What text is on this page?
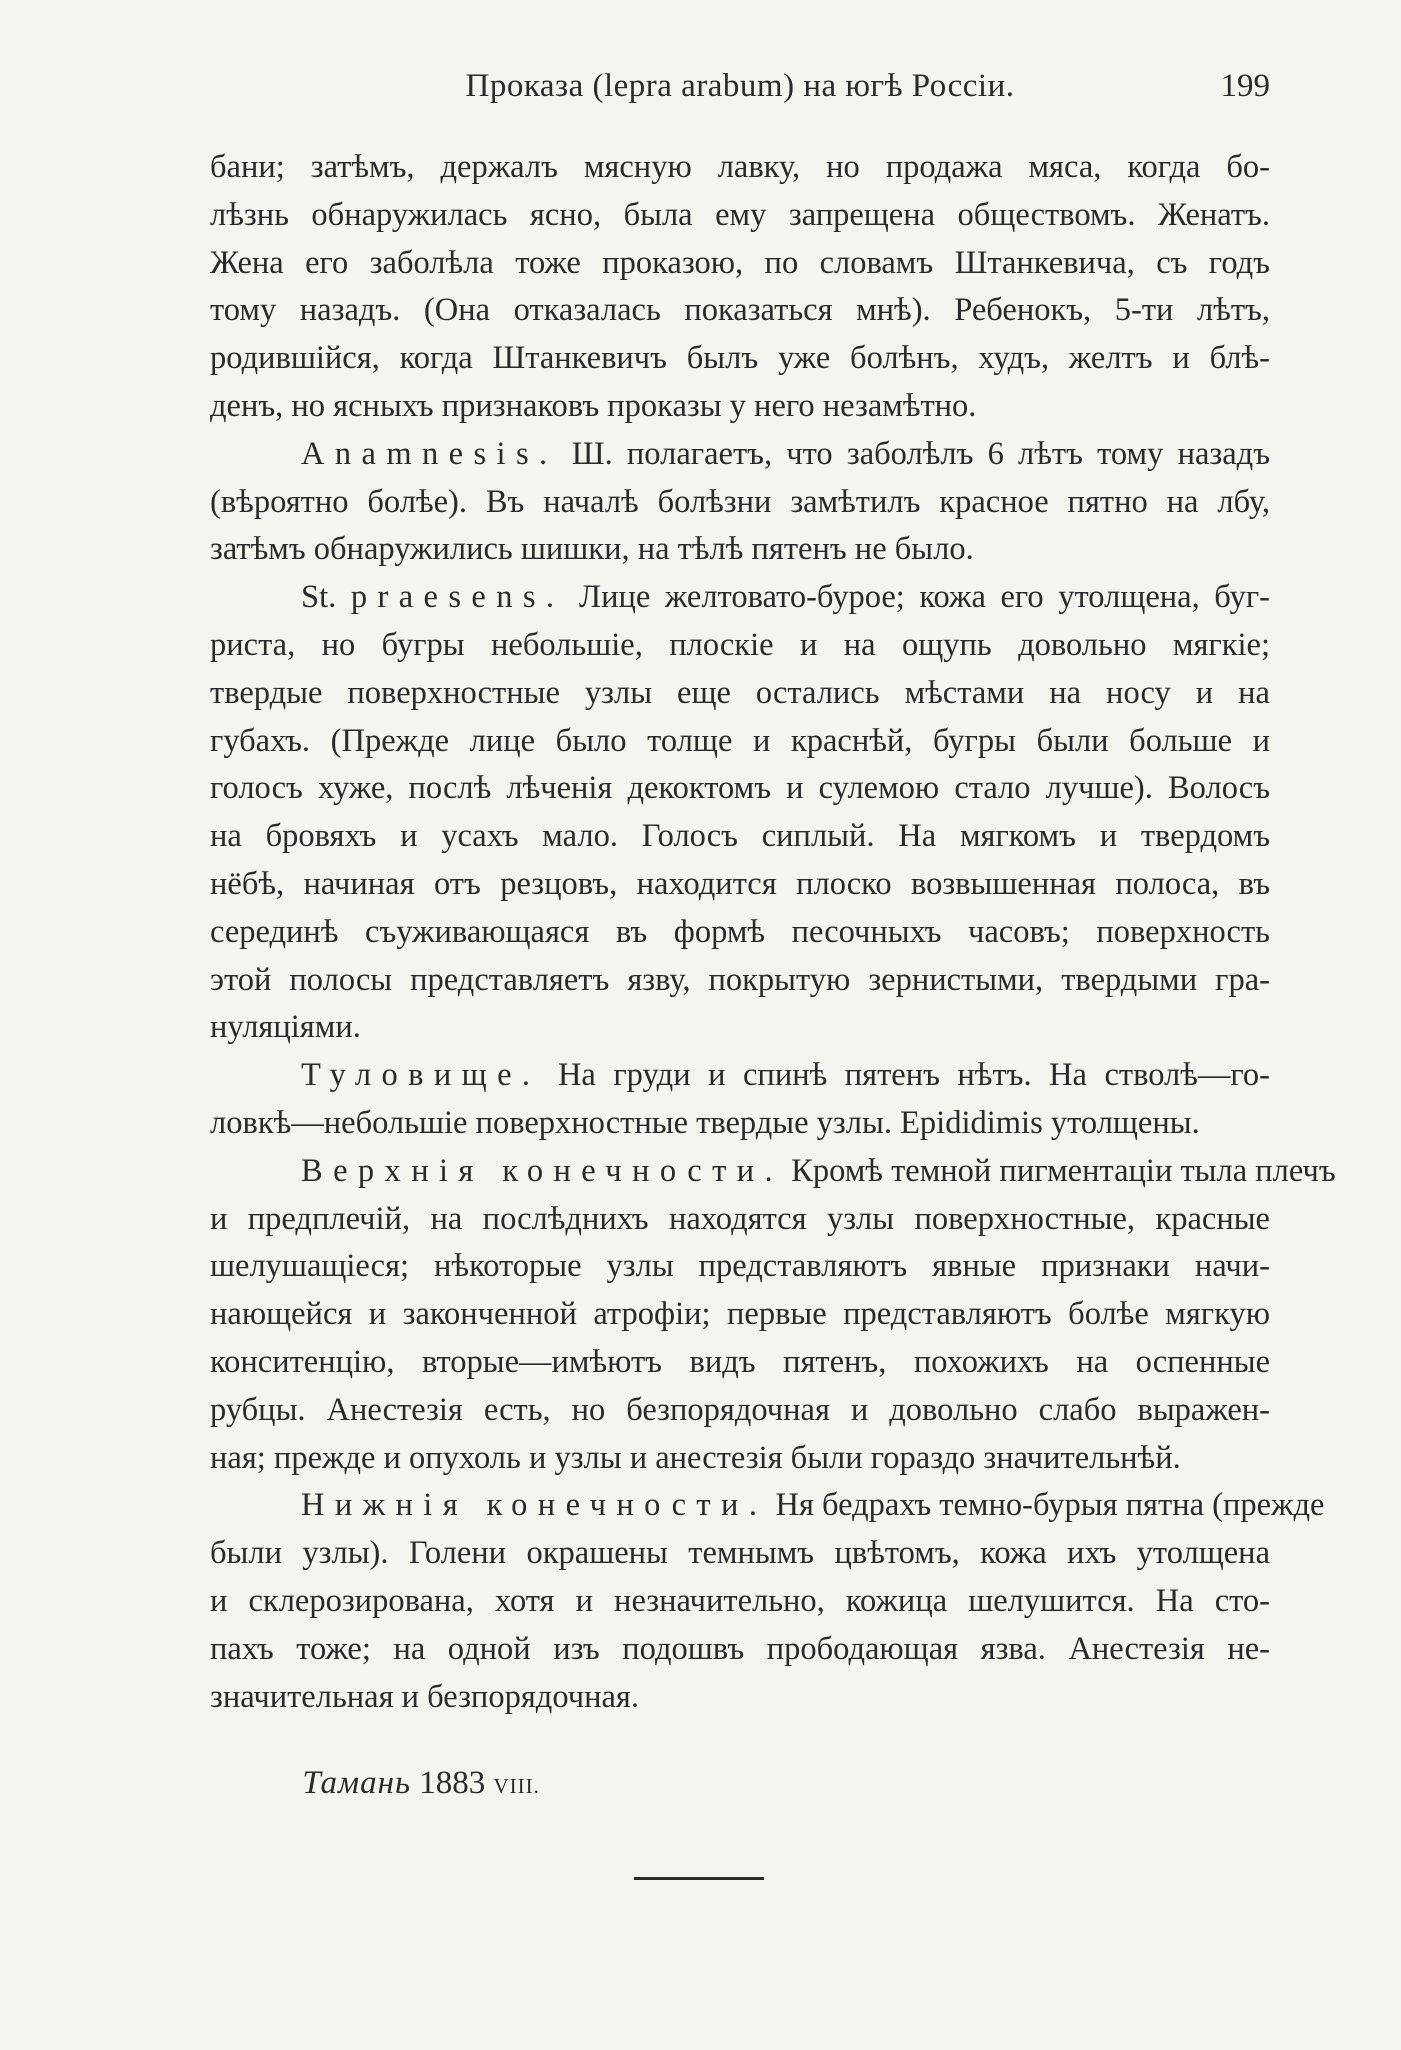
Проказа (lepra arabum) на югѣ Россіи.	199
бани; затѣмъ, держалъ мясную лавку, но продажа мяса, когда бо-
лѣзнь обнаружилась ясно, была ему запрещена обществомъ. Женатъ.
Жена его заболѣла тоже проказою, по словамъ Штанкевича, съ годъ
тому назадъ. (Она отказалась показаться мнѣ). Ребенокъ, 5-ти лѣтъ,
родившійся, когда Штанкевичъ былъ уже болѣнъ, худъ, желтъ и блѣ-
денъ, но ясныхъ признаковъ проказы у него незамѣтно.
Anamnesis. Ш. полагаетъ, что заболѣлъ 6 лѣтъ тому назадъ
(вѣроятно болѣе). Въ началѣ болѣзни замѣтилъ красное пятно на лбу,
затѣмъ обнаружились шишки, на тѣлѣ пятенъ не было.
St. praesens. Лице желтовато-бурое; кожа его утолщена, буг-
риста, но бугры небольшіе, плоскіе и на ощупь довольно мягкіе;
твердые поверхностные узлы еще остались мѣстами на носу и на
губахъ. (Прежде лице было толще и краснѣй, бугры были больше и
голосъ хуже, послѣ лѣченія декоктомъ и сулемою стало лучше). Волосъ
на бровяхъ и усахъ мало. Голосъ сиплый. На мягкомъ и твердомъ
нёбѣ, начиная отъ резцовъ, находится плоско возвышенная полоса, въ
серединѣ съуживающаяся въ формѣ песочныхъ часовъ; поверхность
этой полосы представляетъ язву, покрытую зернистыми, твердыми гра-
нуляціями.
Туловище. На груди и спинѣ пятенъ нѣтъ. На стволѣ—го-
ловкѣ—небольшіе поверхностные твердые узлы. Epididimis утолщены.
Верхнія конечности. Кромѣ темной пигментаціи тыла плечъ
и предплечій, на послѣднихъ находятся узлы поверхностные, красные
шелушащіеся; нѣкоторые узлы представляютъ явные признаки начи-
нающейся и законченной атрофіи; первые представляютъ болѣе мягкую
конситенцію, вторые—имѣютъ видъ пятенъ, похожихъ на оспенные
рубцы. Анестезія есть, но безпорядочная и довольно слабо выражен-
ная; прежде и опухоль и узлы и анестезія были гораздо значительнѣй.
Нижнія конечности. Ня бедрахъ темно-бурыя пятна (прежде
были узлы). Голени окрашены темнымъ цвѣтомъ, кожа ихъ утолщена
и склерозирована, хотя и незначительно, кожица шелушится. На сто-
пахъ тоже; на одной изъ подошвъ прободающая язва. Анестезія не-
значительная и безпорядочная.
Тамань 1883 VIII.
